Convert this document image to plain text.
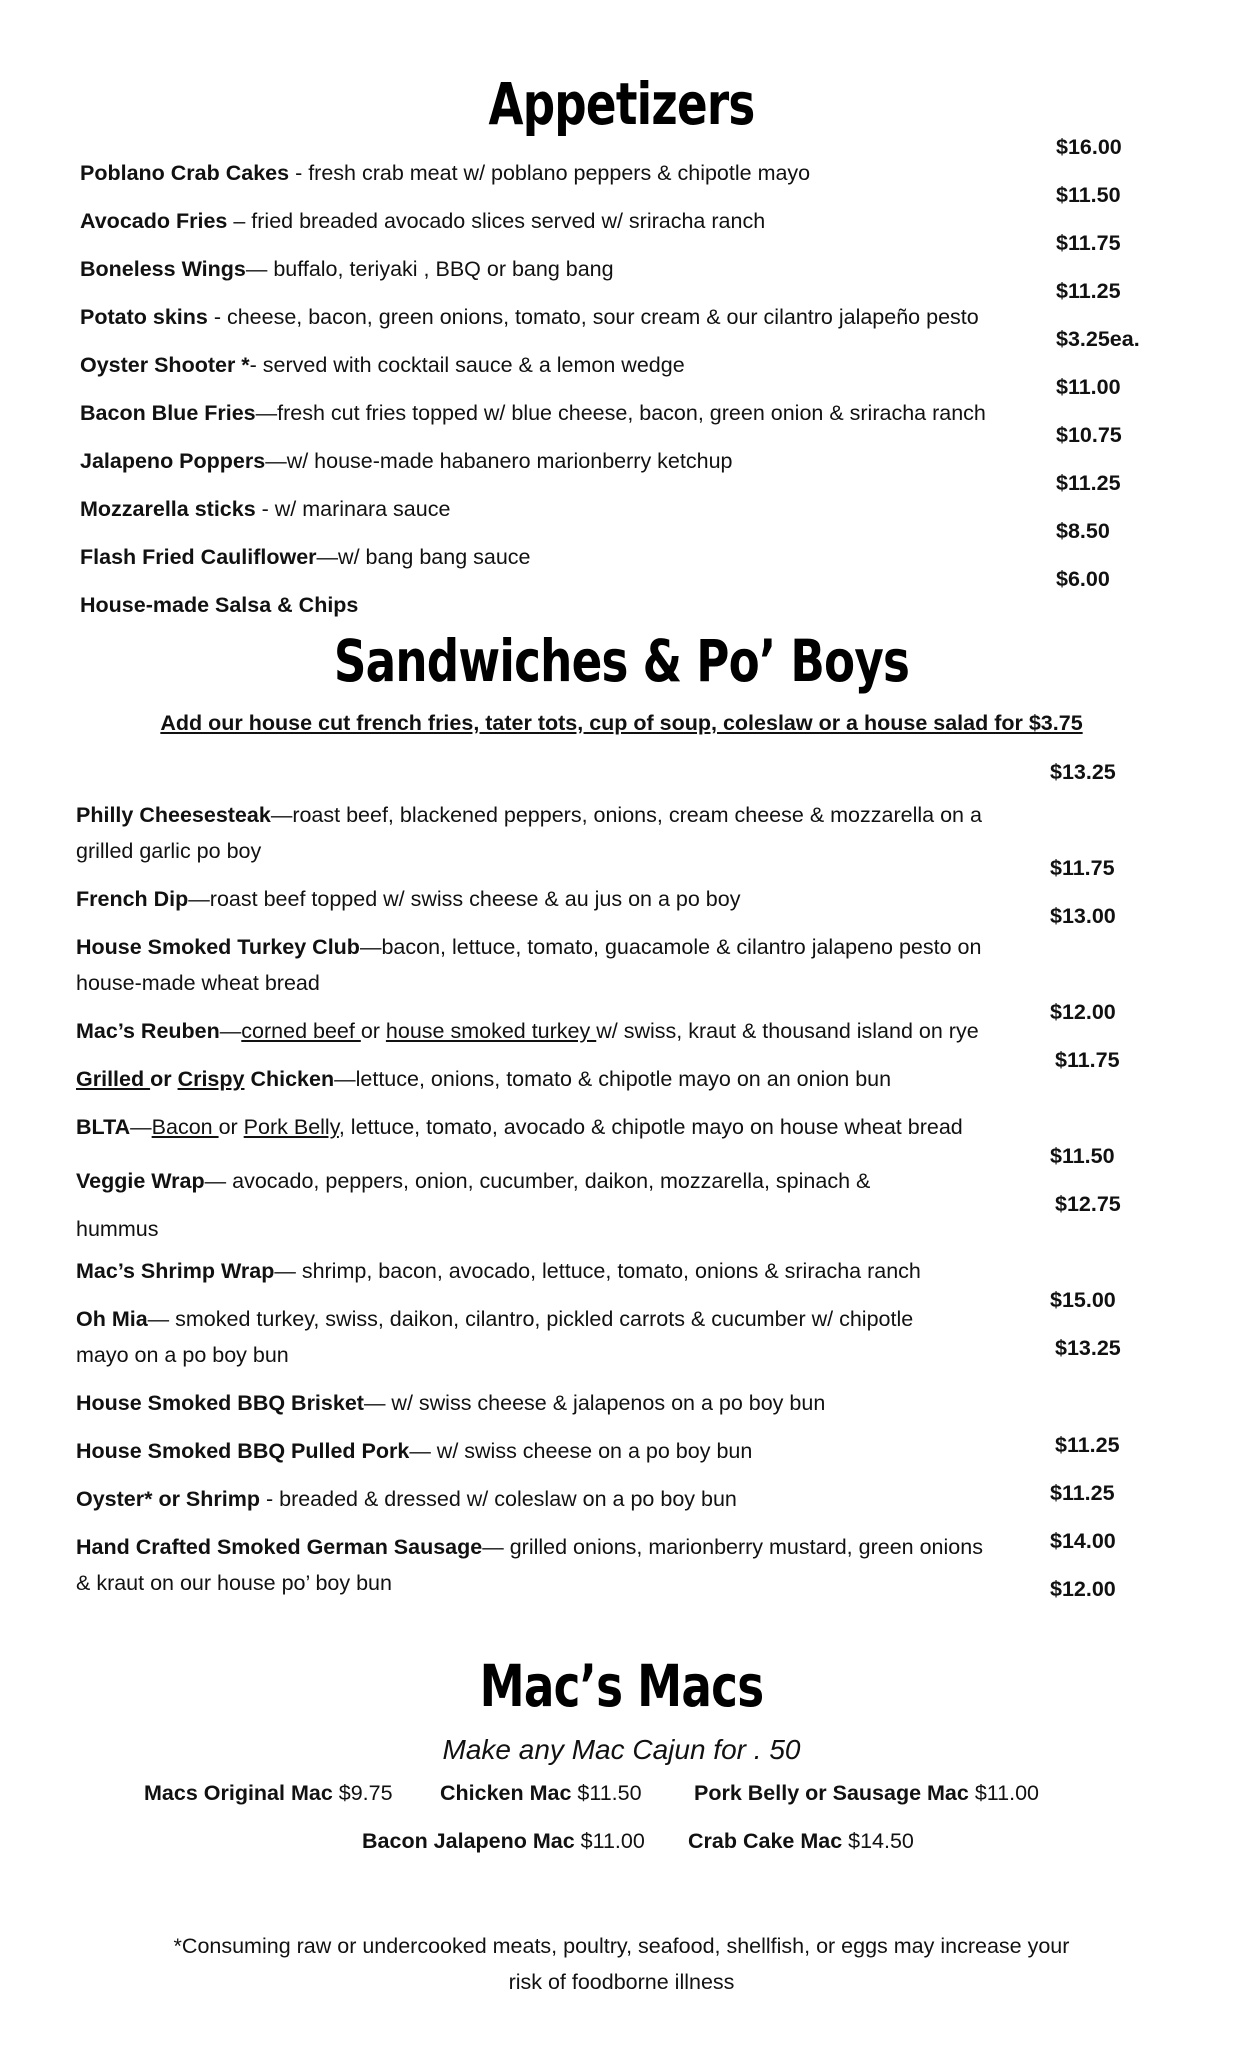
Appetizers
Poblano Crab Cakes - fresh crab meat w/ poblano peppers & chipotle mayo
Avocado Fries – fried breaded avocado slices served w/ sriracha ranch
Boneless Wings— buffalo, teriyaki , BBQ or bang bang
Potato skins - cheese, bacon, green onions, tomato, sour cream & our cilantro jalapeño pesto
Oyster Shooter *- served with cocktail sauce & a lemon wedge
Bacon Blue Fries—fresh cut fries topped w/ blue cheese, bacon, green onion & sriracha ranch
Jalapeno Poppers—w/ house-made habanero marionberry ketchup
Mozzarella sticks - w/ marinara sauce
Flash Fried Cauliflower—w/ bang bang sauce
House-made Salsa & Chips
$16.00
$11.50
$11.75
$11.25
$3.25ea.
$11.00
$10.75
$11.25
$8.50
$6.00
Sandwiches & Po’ Boys
Add our house cut french fries, tater tots, cup of soup, coleslaw or a house salad for $3.75
Philly Cheesesteak—roast beef, blackened peppers, onions, cream cheese & mozzarella on a
grilled garlic po boy
French Dip—roast beef topped w/ swiss cheese & au jus on a po boy
House Smoked Turkey Club—bacon, lettuce, tomato, guacamole & cilantro jalapeno pesto on
house-made wheat bread
Mac’s Reuben—corned beef or house smoked turkey w/ swiss, kraut & thousand island on rye
Grilled or Crispy Chicken—lettuce, onions, tomato & chipotle mayo on an onion bun
BLTA—Bacon or Pork Belly, lettuce, tomato, avocado & chipotle mayo on house wheat bread
Veggie Wrap— avocado, peppers, onion, cucumber, daikon, mozzarella, spinach &
hummus
Mac’s Shrimp Wrap— shrimp, bacon, avocado, lettuce, tomato, onions & sriracha ranch
Oh Mia— smoked turkey, swiss, daikon, cilantro, pickled carrots & cucumber w/ chipotle
mayo on a po boy bun
House Smoked BBQ Brisket— w/ swiss cheese & jalapenos on a po boy bun
House Smoked BBQ Pulled Pork— w/ swiss cheese on a po boy bun
Oyster* or Shrimp - breaded & dressed w/ coleslaw on a po boy bun
Hand Crafted Smoked German Sausage— grilled onions, marionberry mustard, green onions
& kraut on our house po’ boy bun
$13.25
$11.75
$13.00
$12.00
$11.75
$11.50
$12.75
$15.00
$13.25
$11.25
$11.25
$14.00
$12.00
Mac’s Macs
Make any Mac Cajun for . 50
Macs Original Mac $9.75 Chicken Mac $11.50 Pork Belly or Sausage Mac $11.00
Bacon Jalapeno Mac $11.00 Crab Cake Mac $14.50
*Consuming raw or undercooked meats, poultry, seafood, shellfish, or eggs may increase your
risk of foodborne illness
